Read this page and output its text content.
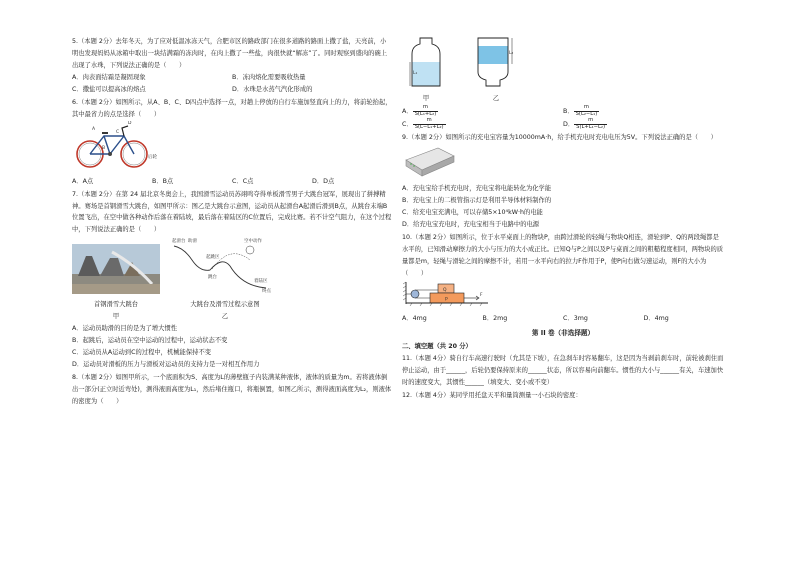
5.（本题 2分）去年冬天，为了应对低温冰冻天气，合肥市区的路政部门在很多道路的路面上撒了盐，天亮前，小明也发现妈妈从冰箱中取出一块结满霜的冻肉时，在肉上撒了一些盐，肉很快就“解冻”了。同时观察到盛肉的碗上出现了水珠，下列说法正确的是（　　）
A．肉表面结霜是凝固现象	B．冻肉熔化需要吸收热量
C．撒盐可以提高冰的熔点	D．水珠是水蒸气汽化形成的
6.（本题 2分）如图所示，从A、B、C、D四点中选择一点，对趟上停放的自行车施加竖直向上的力，将前轮抬起，其中最省力的点是选择（　　）
A
B
C
D
后轮
A．A点	B．B点	C．C点	D．D点
7.（本题 2分）在第 24 届北京冬奥会上，我国滑雪运动员苏翊鸣夺得单板滑雪男子大跳台冠军，展现出了拼搏精神。赛场是首钢滑雪大跳台，如图甲所示：图乙是大跳台示意图，运动员从起滑台A起滑后滑到B点，从跳台末端B位置飞出，在空中做各种动作后落在着陆坡，最后落在着陆区的C位置后，完成比赛。若不计空气阻力，在这个过程中，下列说法正确的是（　　）
首钢滑雪大跳台
甲
起滑台 助滑
起跳区
空中动作
跳台
着陆区
终点
大跳台及滑雪过程示意图
乙
A．运动员助滑的目的是为了增大惯性
B．起跳后，运动员在空中运动的过程中，运动状态不变
C．运动员从A运动到C的过程中，机械能保持不变
D．运动员对滑板的压力与滑板对运动员的支持力是一对相互作用力
8.（本题 2分）如图甲所示，一个底面积为S、高度为L的薄壁瓶子内装满某种液体，液体的质量为m。若将液体倒出一部分(正立时近弯处)，测得液面高度为L₁，然后堵住瓶口，将瓶倒置，如图乙所示，测得液面高度为L₂，则液体的密度为（　　）
L₁
甲
L₂
乙
A． $\frac{m}{\text{S(L₁+L₂)}}$	B． $\frac{m}{\text{S(L₂−L₁)}}$
C． $\frac{m}{\text{S(L−L₁+L₂)}}$	D． $\frac{m}{\text{S(L+L₁−L₂)}}$
9.（本题 2分）如图所示的充电宝容量为10000mA·h，给手机充电时充电电压为5V。下列说法正确的是（　　）
A．充电宝给手机充电时，充电宝将电能转化为化学能
B．充电宝上的二极管指示灯是利用半导体材料制作的
C．给充电宝充满电，可以存储5×10⁴kW·h的电能
D．给充电宝充电时，充电宝相当于电路中的电源
10.（本题 2分）如图所示，位于水平桌面上的物块P，由跨过滑轮的轻绳与物块Q相连，滑轮到P、Q的两段绳都是水平的，已知滑动摩擦力的大小与压力的大小成正比。已知Q与P之间以及P与桌面之间的粗糙程度相同，两物块的质量都是m，轻绳与滑轮之间的摩擦不计，若用一水平向右的拉力F作用于P，使P向右做匀速运动，则F的大小为（　　）
Q
P
F
A．4mg	B．2mg	C．3mg	D．4mg
第 II 卷（非选择题）
二、填空题（共 20 分）
11.（本题 4分）骑自行车高速行驶时（允其是下坡），在急刹车时容易翻车，这是因为当剥前刹车时，前轮被刹住而停止运动，由于______，后轮仍要保持原来的______状态，所以容易向前翻车。惯性的大小与______有关，车速加快时的速度变大，其惯性______（填变大、变小或不变）
12.（本题 4分）某同学用托盘天平和量筒测量一小石块的密度：
